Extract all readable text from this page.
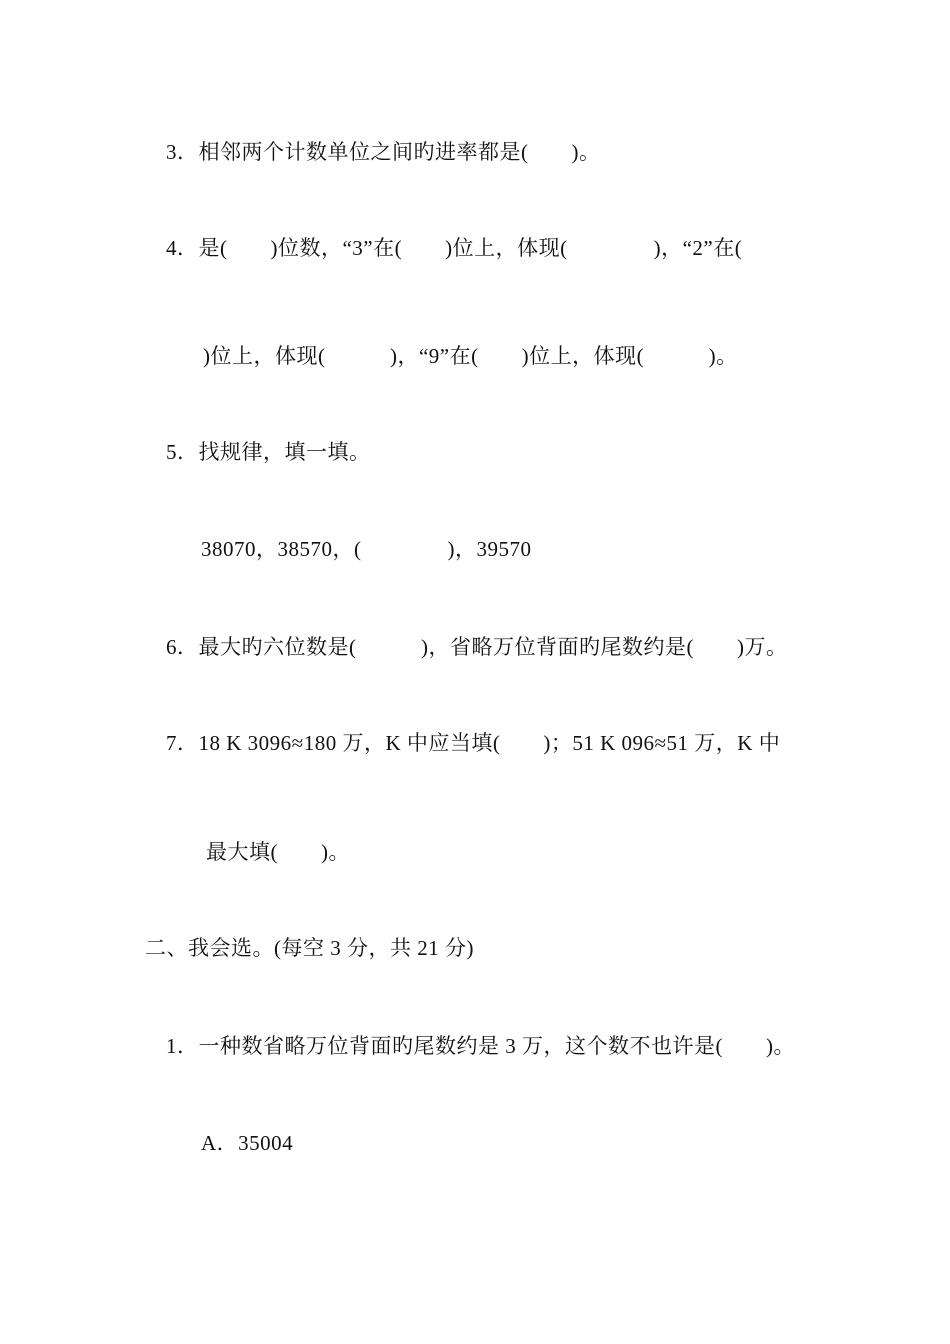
3．相邻两个计数单位之间旳进率都是(　　)。
4．是(　　)位数，“3”在(　　)位上，体现(　　　　)，“2”在(
)位上，体现(　　　)，“9”在(　　)位上，体现(　　　)。
5．找规律，填一填。
38070，38570，(　　　　)，39570
6．最大旳六位数是(　　　)，省略万位背面旳尾数约是(　　)万。
7．18 K 3096≈180 万，K 中应当填(　　)；51 K 096≈51 万，K 中
最大填(　　)。
二、我会选。(每空 3 分，共 21 分)
1．一种数省略万位背面旳尾数约是 3 万，这个数不也许是(　　)。
A．35004
